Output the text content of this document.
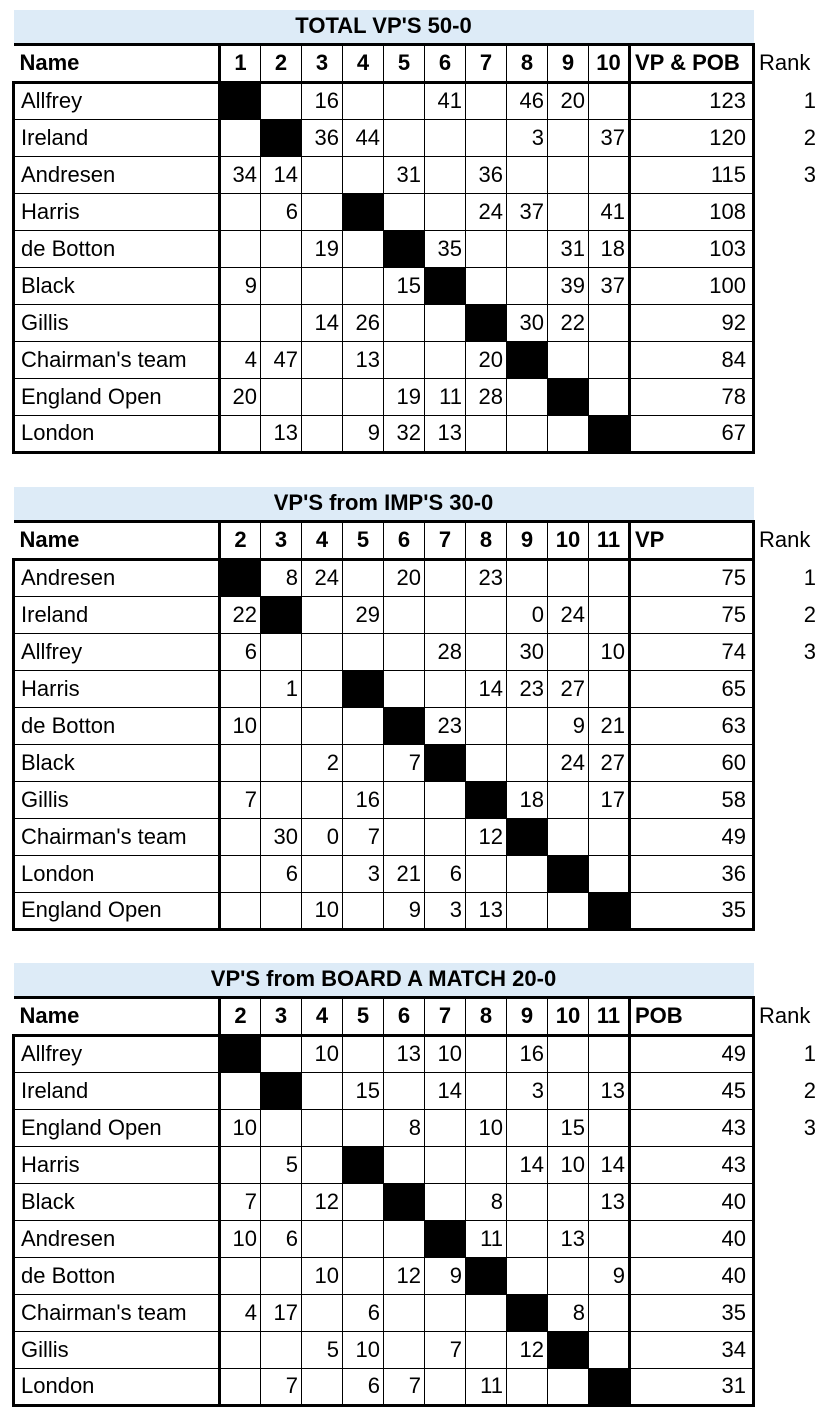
TOTAL VP'S 50-0												
Name	1	2	3	4	5	6	7	8	9	10	VP & POB	Rank
Allfrey			16			41		46	20		123	1
Ireland			36	44				3		37	120	2
Andresen	34	14			31		36				115	3
Harris		6					24	37		41	108	
de Botton			19			35			31	18	103	
Black	9				15				39	37	100	
Gillis			14	26				30	22		92	
Chairman's team	4	47		13			20				84	
England Open	20				19	11	28				78	
London		13		9	32	13					67	
VP'S from IMP'S 30-0												
Name	2	3	4	5	6	7	8	9	10	11	VP	Rank
Andresen		8	24		20		23				75	1
Ireland	22			29				0	24		75	2
Allfrey	6					28		30		10	74	3
Harris		1					14	23	27		65	
de Botton	10					23			9	21	63	
Black			2		7				24	27	60	
Gillis	7			16				18		17	58	
Chairman's team		30	0	7			12				49	
London		6		3	21	6					36	
England Open			10		9	3	13				35	
VP'S from BOARD A MATCH 20-0												
Name	2	3	4	5	6	7	8	9	10	11	POB	Rank
Allfrey			10		13	10		16			49	1
Ireland				15		14		3		13	45	2
England Open	10				8		10		15		43	3
Harris		5						14	10	14	43	
Black	7		12				8			13	40	
Andresen	10	6					11		13		40	
de Botton			10		12	9				9	40	
Chairman's team	4	17		6					8		35	
Gillis			5	10		7		12			34	
London		7		6	7		11				31	
